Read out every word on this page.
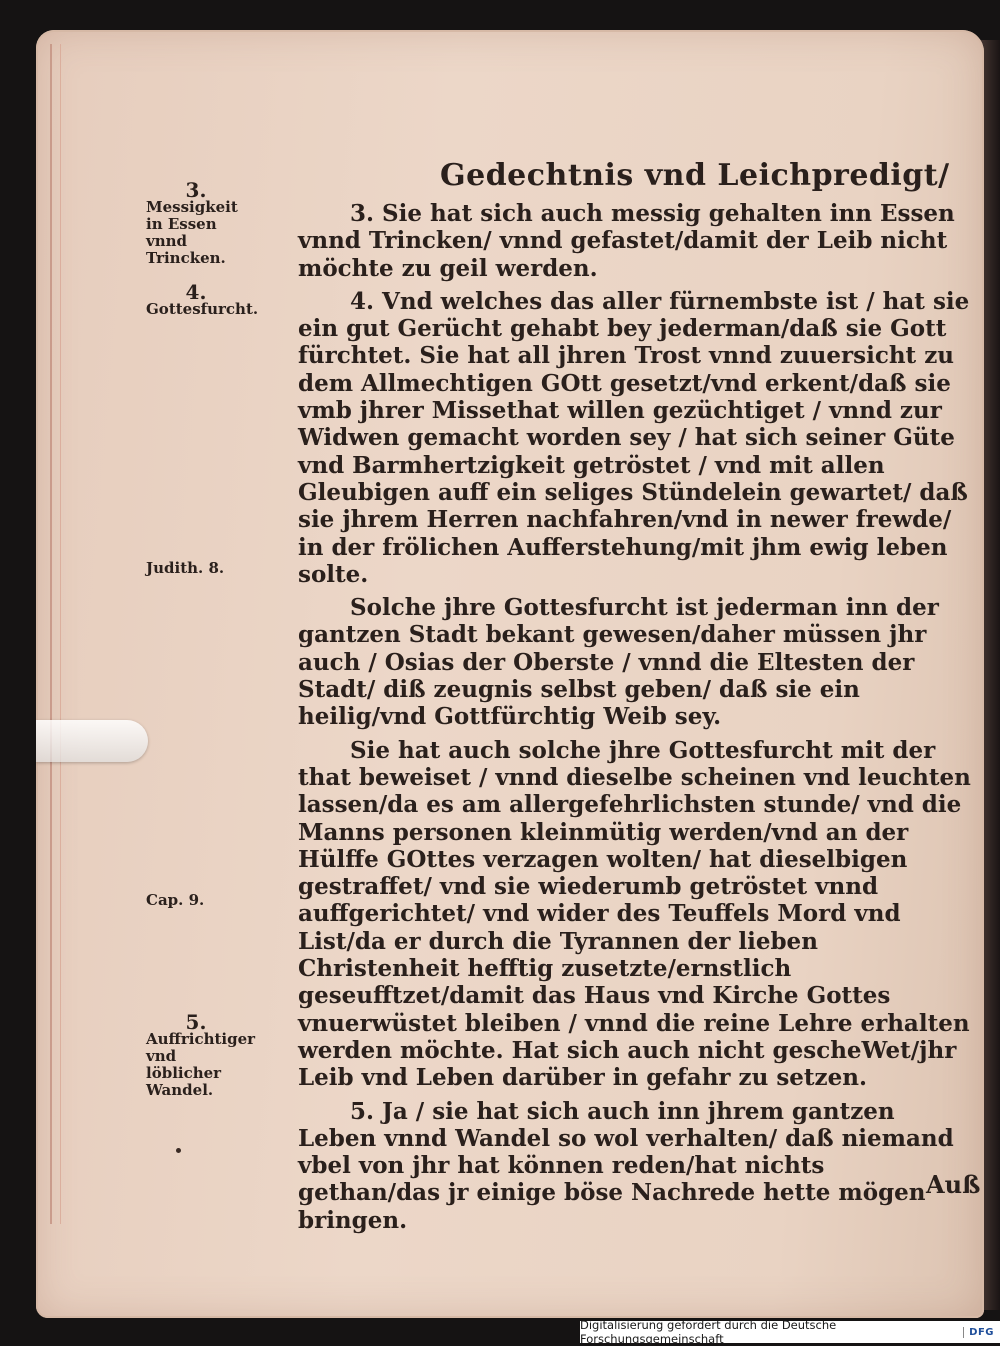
Gedechtnis vnd Leichpredigt/
3.
Messigkeit in Essen vnnd Trincken.
4.
Gottesfurcht.
Judith. 8.
Cap. 9.
5.
Auffrichtiger vnd löblicher Wandel.

3. Sie hat sich auch messig gehalten inn Essen vnnd Trincken/ vnnd gefastet/damit der Leib nicht möchte zu geil werden.

4. Vnd welches das aller fürnembste ist / hat sie ein gut Gerücht gehabt bey jederman/daß sie Gott fürchtet. Sie hat all jhren Trost vnnd zuuersicht zu dem Allmechtigen GOtt gesetzt/vnd erkent/daß sie vmb jhrer Missethat willen gezüchtiget / vnnd zur Widwen gemacht worden sey / hat sich seiner Güte vnd Barmhertzigkeit getröstet / vnd mit allen Gleubigen auff ein seliges Stündelein gewartet/ daß sie jhrem Herren nachfahren/vnd in newer frewde/ in der frölichen Aufferstehung/mit jhm ewig leben solte.

Solche jhre Gottesfurcht ist jederman inn der gantzen Stadt bekant gewesen/daher müssen jhr auch / Osias der Oberste / vnnd die Eltesten der Stadt/ diß zeugnis selbst geben/ daß sie ein heilig/vnd Gottfürchtig Weib sey.

Sie hat auch solche jhre Gottesfurcht mit der that beweiset / vnnd dieselbe scheinen vnd leuchten lassen/da es am allergefehrlichsten stunde/ vnd die Manns personen kleinmütig werden/vnd an der Hülffe GOttes verzagen wolten/ hat dieselbigen gestraffet/ vnd sie wiederumb getröstet vnnd auffgerichtet/ vnd wider des Teuffels Mord vnd List/da er durch die Tyrannen der lieben Christenheit hefftig zusetzte/ernstlich geseufftzet/damit das Haus vnd Kirche Gottes vnuerwüstet bleiben / vnnd die reine Lehre erhalten werden möchte. Hat sich auch nicht gescheWet/jhr Leib vnd Leben darüber in gefahr zu setzen.

5. Ja / sie hat sich auch inn jhrem gantzen Leben vnnd Wandel so wol verhalten/ daß niemand vbel von jhr hat können reden/hat nichts gethan/das jr einige böse Nachrede hette mögen bringen.

Auß
Digitalisierung gefördert durch die Deutsche Forschungsgemeinschaft	DFG
